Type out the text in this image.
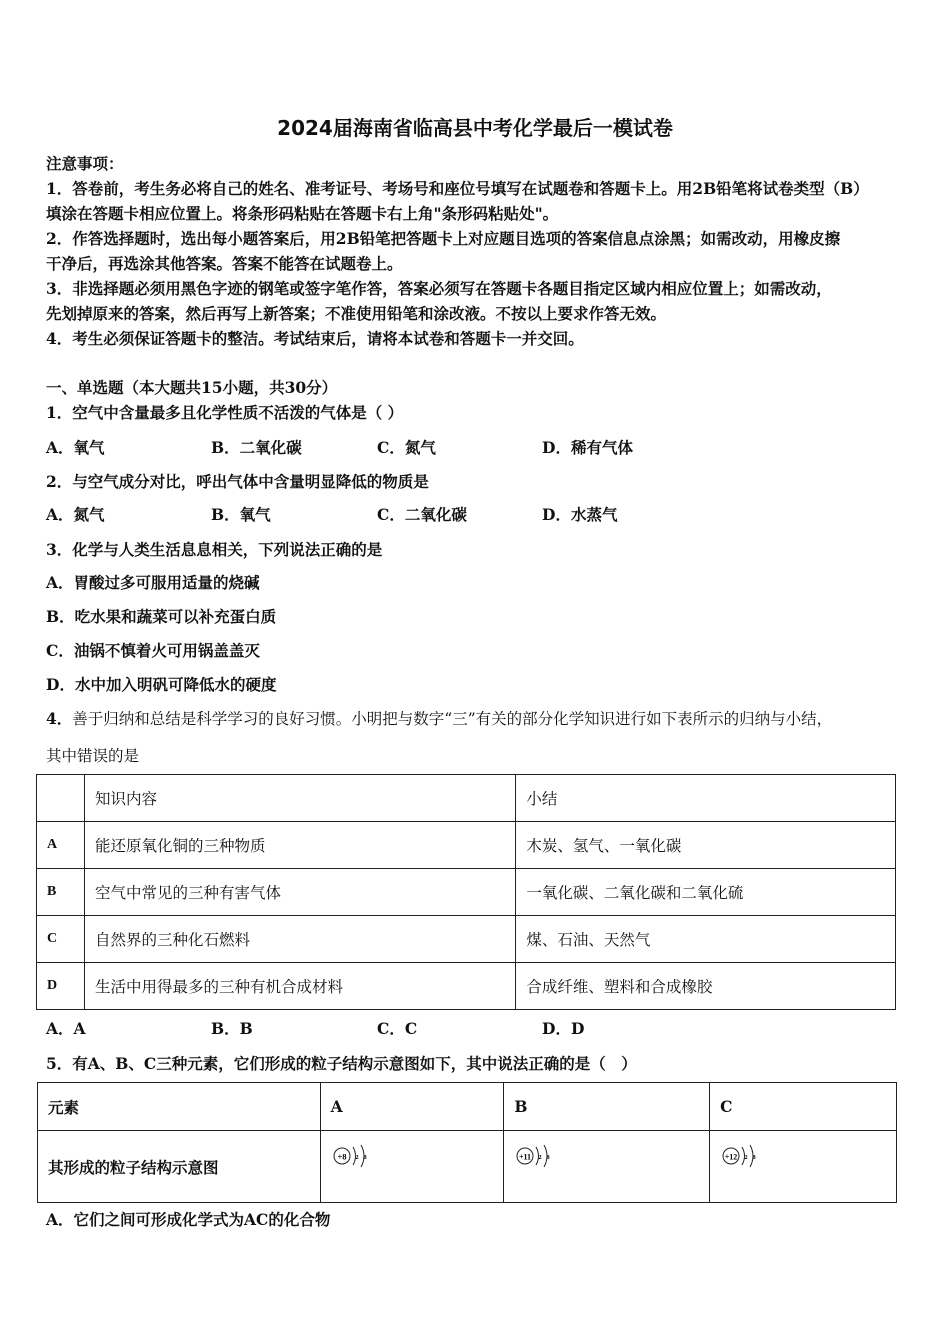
2024届海南省临高县中考化学最后一模试卷
注意事项：
1．答卷前，考生务必将自己的姓名、准考证号、考场号和座位号填写在试题卷和答题卡上。用2B铅笔将试卷类型（B）
填涂在答题卡相应位置上。将条形码粘贴在答题卡右上角"条形码粘贴处"。
2．作答选择题时，选出每小题答案后，用2B铅笔把答题卡上对应题目选项的答案信息点涂黑；如需改动，用橡皮擦
干净后，再选涂其他答案。答案不能答在试题卷上。
3．非选择题必须用黑色字迹的钢笔或签字笔作答，答案必须写在答题卡各题目指定区域内相应位置上；如需改动，
先划掉原来的答案，然后再写上新答案；不准使用铅笔和涂改液。不按以上要求作答无效。
4．考生必须保证答题卡的整洁。考试结束后，请将本试卷和答题卡一并交回。
一、单选题（本大题共15小题，共30分）
1．空气中含量最多且化学性质不活泼的气体是（ ）
A．氧气	B．二氧化碳	C．氮气	D．稀有气体
2．与空气成分对比，呼出气体中含量明显降低的物质是
A．氮气	B．氧气	C．二氧化碳	D．水蒸气
3．化学与人类生活息息相关，下列说法正确的是
A．胃酸过多可服用适量的烧碱
B．吃水果和蔬菜可以补充蛋白质
C．油锅不慎着火可用锅盖盖灭
D．水中加入明矾可降低水的硬度
4．善于归纳和总结是科学学习的良好习惯。小明把与数字“三”有关的部分化学知识进行如下表所示的归纳与小结，
其中错误的是
	知识内容	小结
A	能还原氧化铜的三种物质	木炭、氢气、一氧化碳
B	空气中常见的三种有害气体	一氧化碳、二氧化碳和二氧化硫
C	自然界的三种化石燃料	煤、石油、天然气
D	生活中用得最多的三种有机合成材料	合成纤维、塑料和合成橡胶
A．A	B．B	C．C	D．D
5．有A、B、C三种元素，它们形成的粒子结构示意图如下，其中说法正确的是（　）
元素	A	B	C
其形成的粒子结构示意图	+8 2 8	+11 2 8	+12 2 8
A．它们之间可形成化学式为AC的化合物
